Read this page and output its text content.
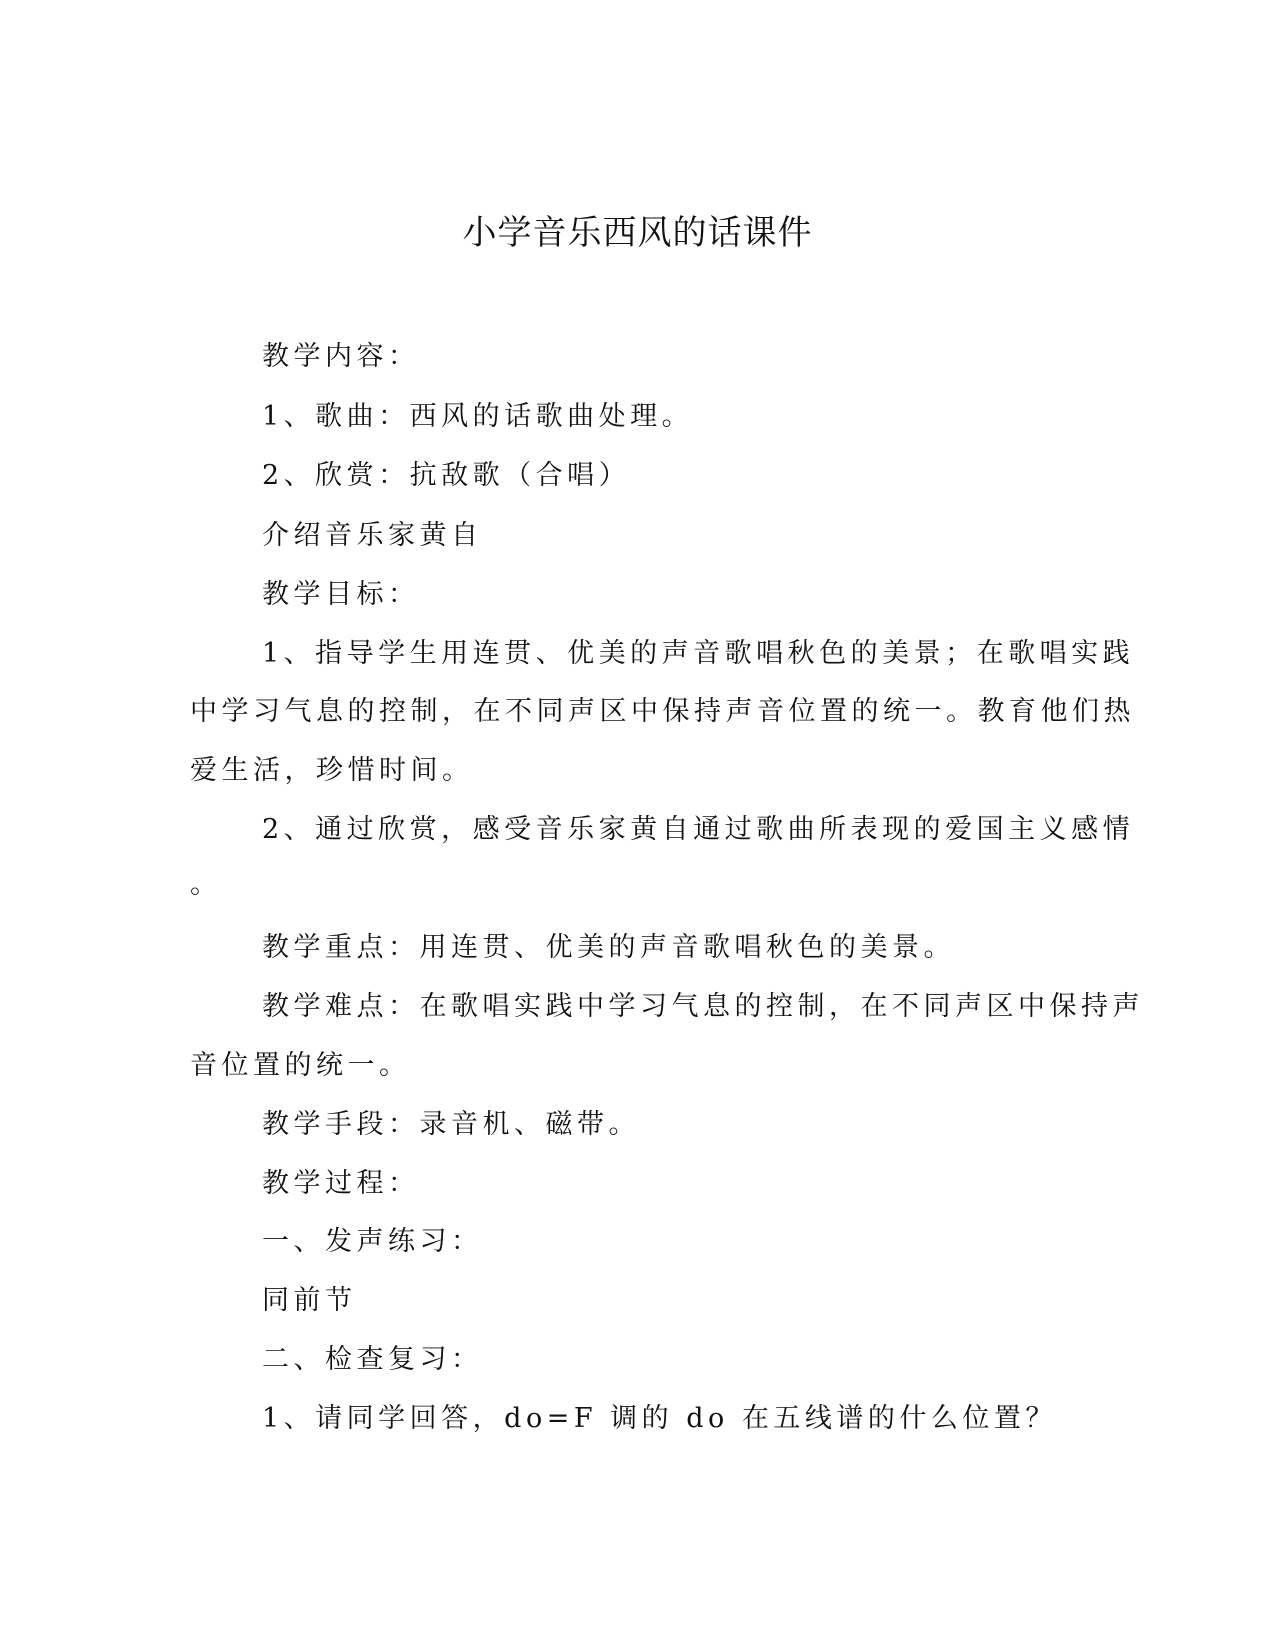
小学音乐西风的话课件
教学内容：
1、歌曲：西风的话歌曲处理。
2、欣赏：抗敌歌（合唱）
介绍音乐家黄自
教学目标：
1、指导学生用连贯、优美的声音歌唱秋色的美景；在歌唱实践
中学习气息的控制，在不同声区中保持声音位置的统一。教育他们热
爱生活，珍惜时间。
2、通过欣赏，感受音乐家黄自通过歌曲所表现的爱国主义感情
。
教学重点：用连贯、优美的声音歌唱秋色的美景。
教学难点：在歌唱实践中学习气息的控制，在不同声区中保持声
音位置的统一。
教学手段：录音机、磁带。
教学过程：
一、发声练习：
同前节
二、检查复习：
1、请同学回答，do=F 调的 do 在五线谱的什么位置？
